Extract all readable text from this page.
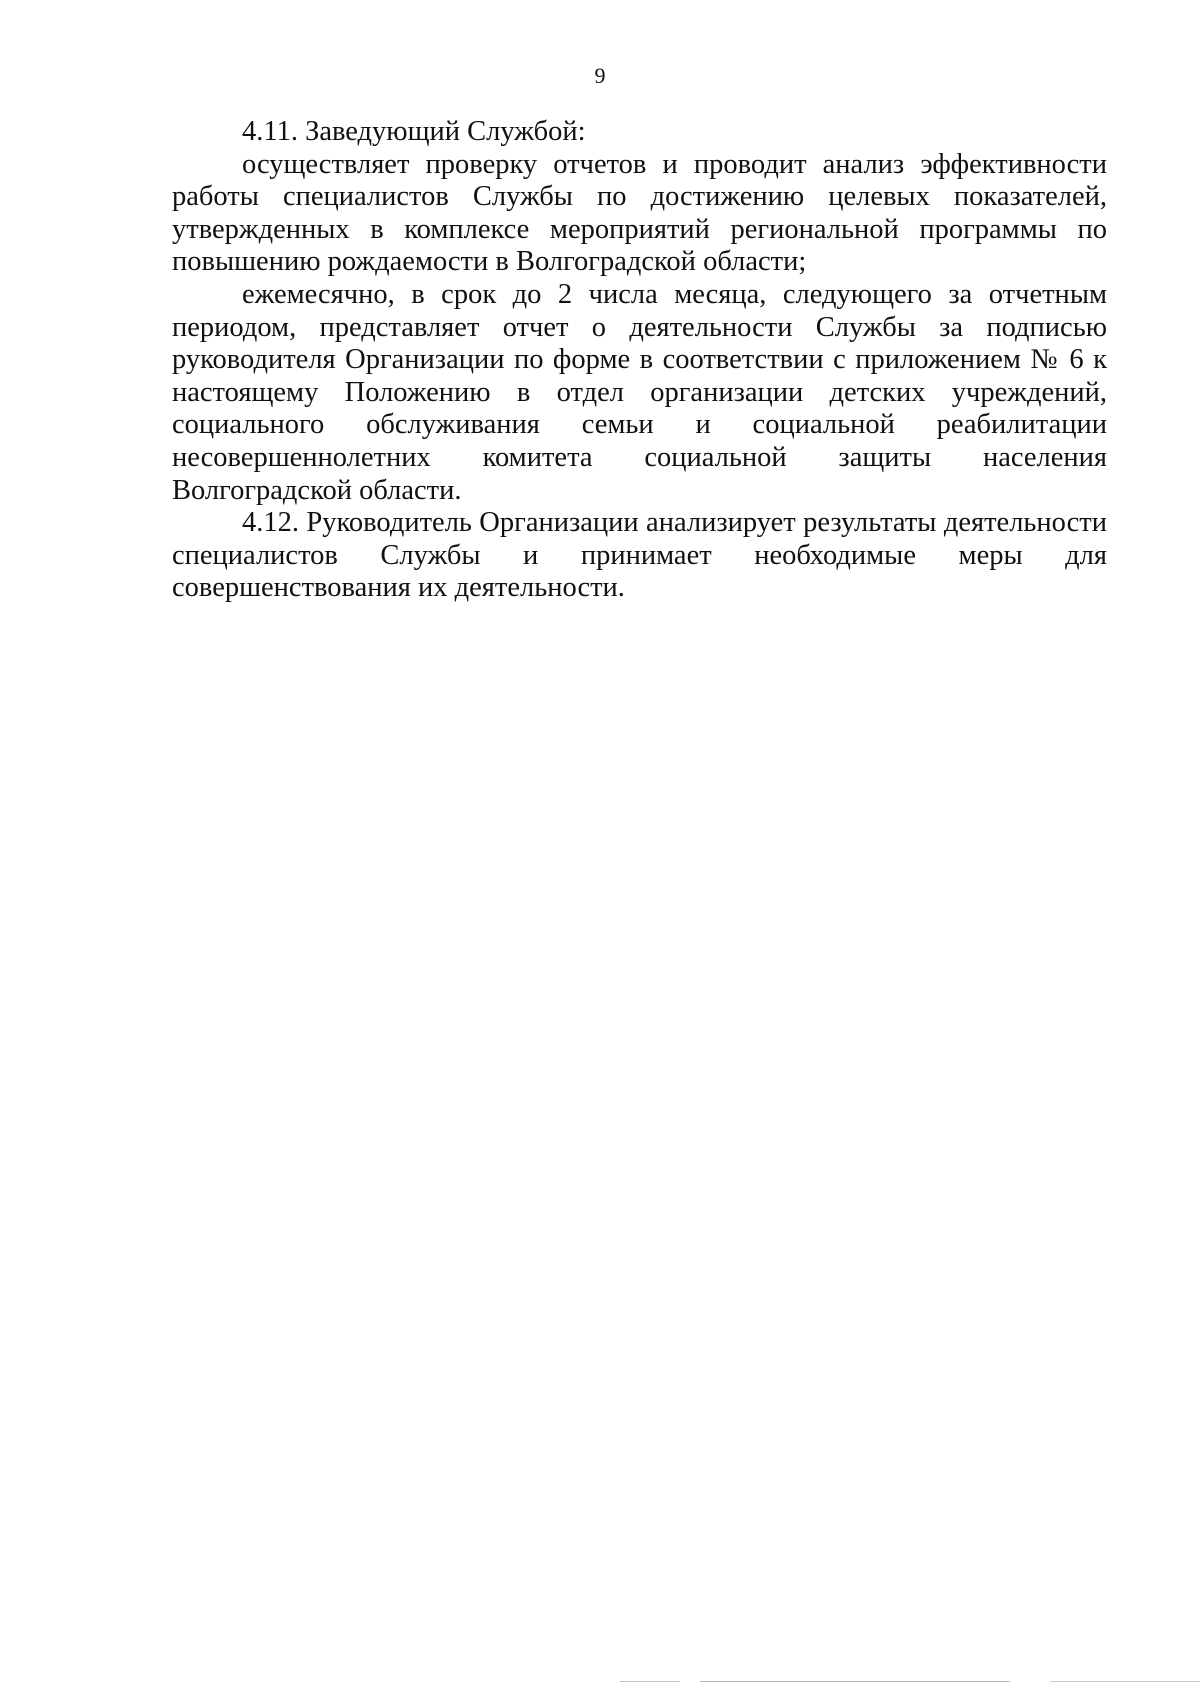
9

4.11. Заведующий Службой:

осуществляет проверку отчетов и проводит анализ эффективности работы специалистов Службы по достижению целевых показателей, утвержденных в комплексе мероприятий региональной программы по повышению рождаемости в Волгоградской области;

ежемесячно, в срок до 2 числа месяца, следующего за отчетным периодом, представляет отчет о деятельности Службы за подписью руководителя Организации по форме в соответствии с приложением № 6 к настоящему Положению в отдел организации детских учреждений, социального обслуживания семьи и социальной реабилитации несовершеннолетних комитета социальной защиты населения Волгоградской области.

4.12. Руководитель Организации анализирует результаты деятельности специалистов Службы и принимает необходимые меры для совершенствования их деятельности.
